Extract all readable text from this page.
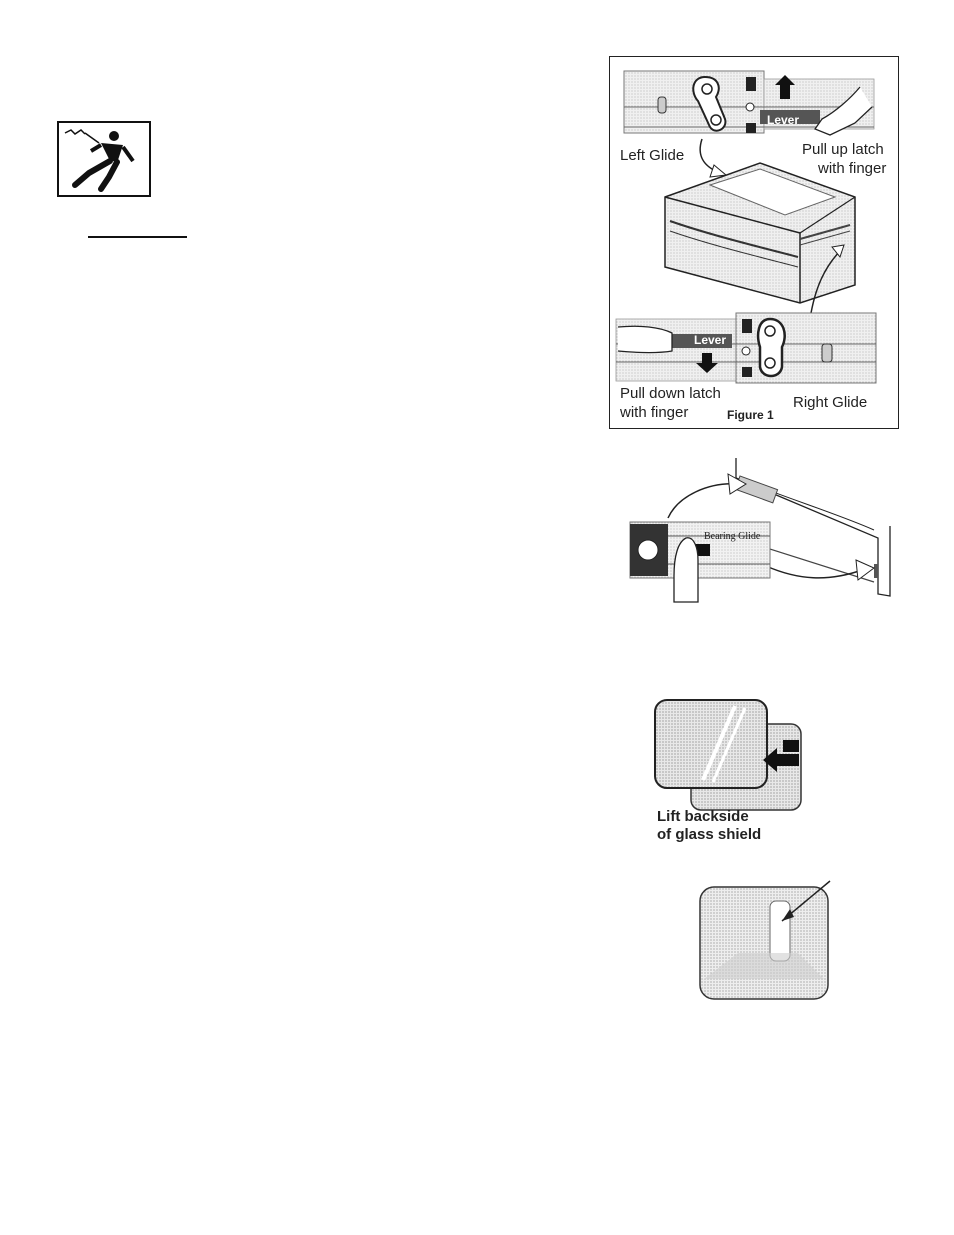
Lever
Left Glide	Pull up latch
with finger
Lever
Pull down latch
with finger	Figure 1
Right Glide
Bearing Glide
Lift backside
of glass shield
